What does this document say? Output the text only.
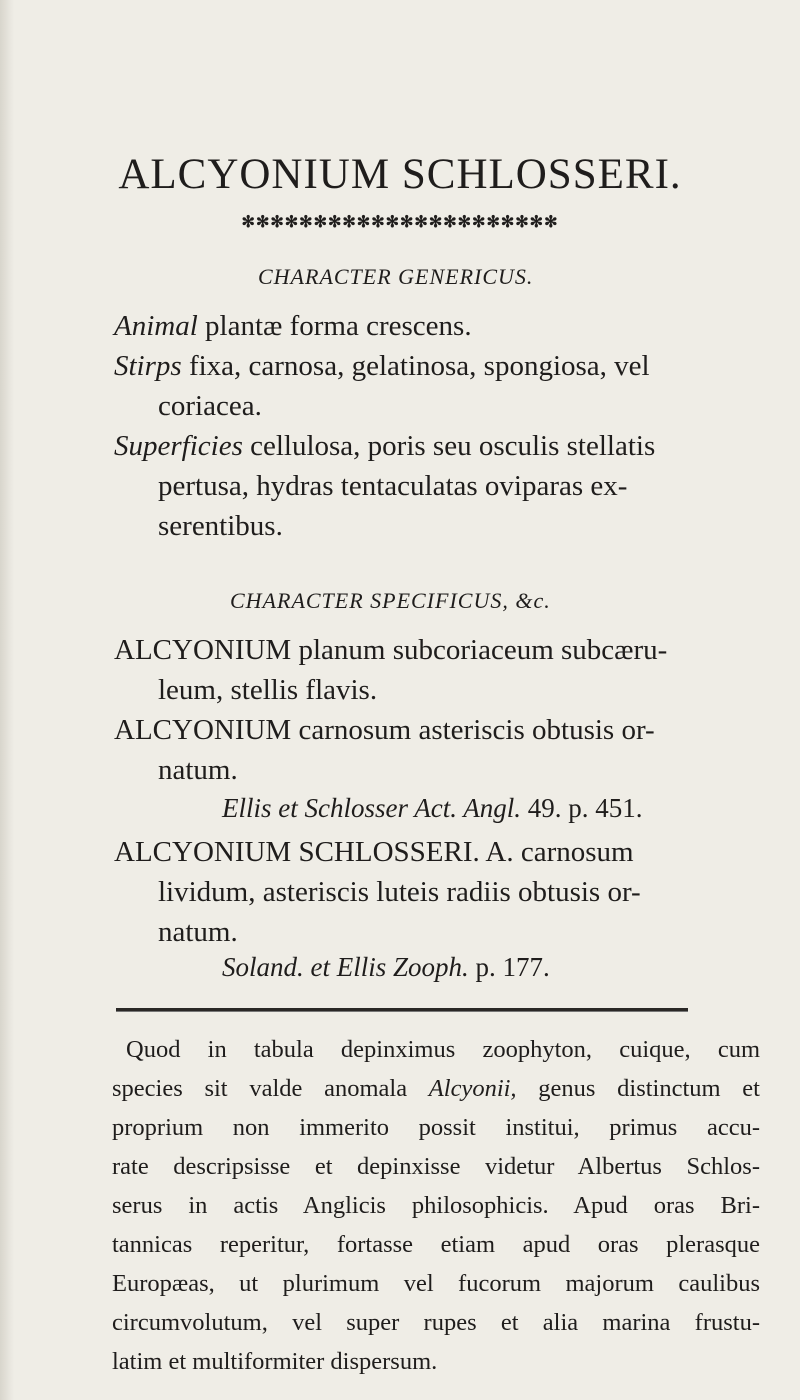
ALCYONIUM SCHLOSSERI.
✻✻✻✻✻✻✻✻✻✻✻✻✻✻✻✻✻✻✻✻✻✻
CHARACTER GENERICUS.

Animal plantæ forma crescens.

Stirps fixa, carnosa, gelatinosa, spongiosa, vel
coriacea.

Superficies cellulosa, poris seu osculis stellatis
pertusa, hydras tentaculatas oviparas ex-
serentibus.

CHARACTER SPECIFICUS, &c.

ALCYONIUM planum subcoriaceum subcæru-
leum, stellis flavis.

ALCYONIUM carnosum asteriscis obtusis or-
natum.

Ellis et Schlosser Act. Angl. 49. p. 451.

ALCYONIUM SCHLOSSERI. A. carnosum
lividum, asteriscis luteis radiis obtusis or-
natum.

Soland. et Ellis Zooph. p. 177.
Quod in tabula depinximus zoophyton, cuique, cum
species sit valde anomala Alcyonii, genus distinctum et
proprium non immerito possit institui, primus accu-
rate descripsisse et depinxisse videtur Albertus Schlos-
serus in actis Anglicis philosophicis. Apud oras Bri-
tannicas reperitur, fortasse etiam apud oras plerasque
Europæas, ut plurimum vel fucorum majorum caulibus
circumvolutum, vel super rupes et alia marina frustu-
latim et multiformiter dispersum.
